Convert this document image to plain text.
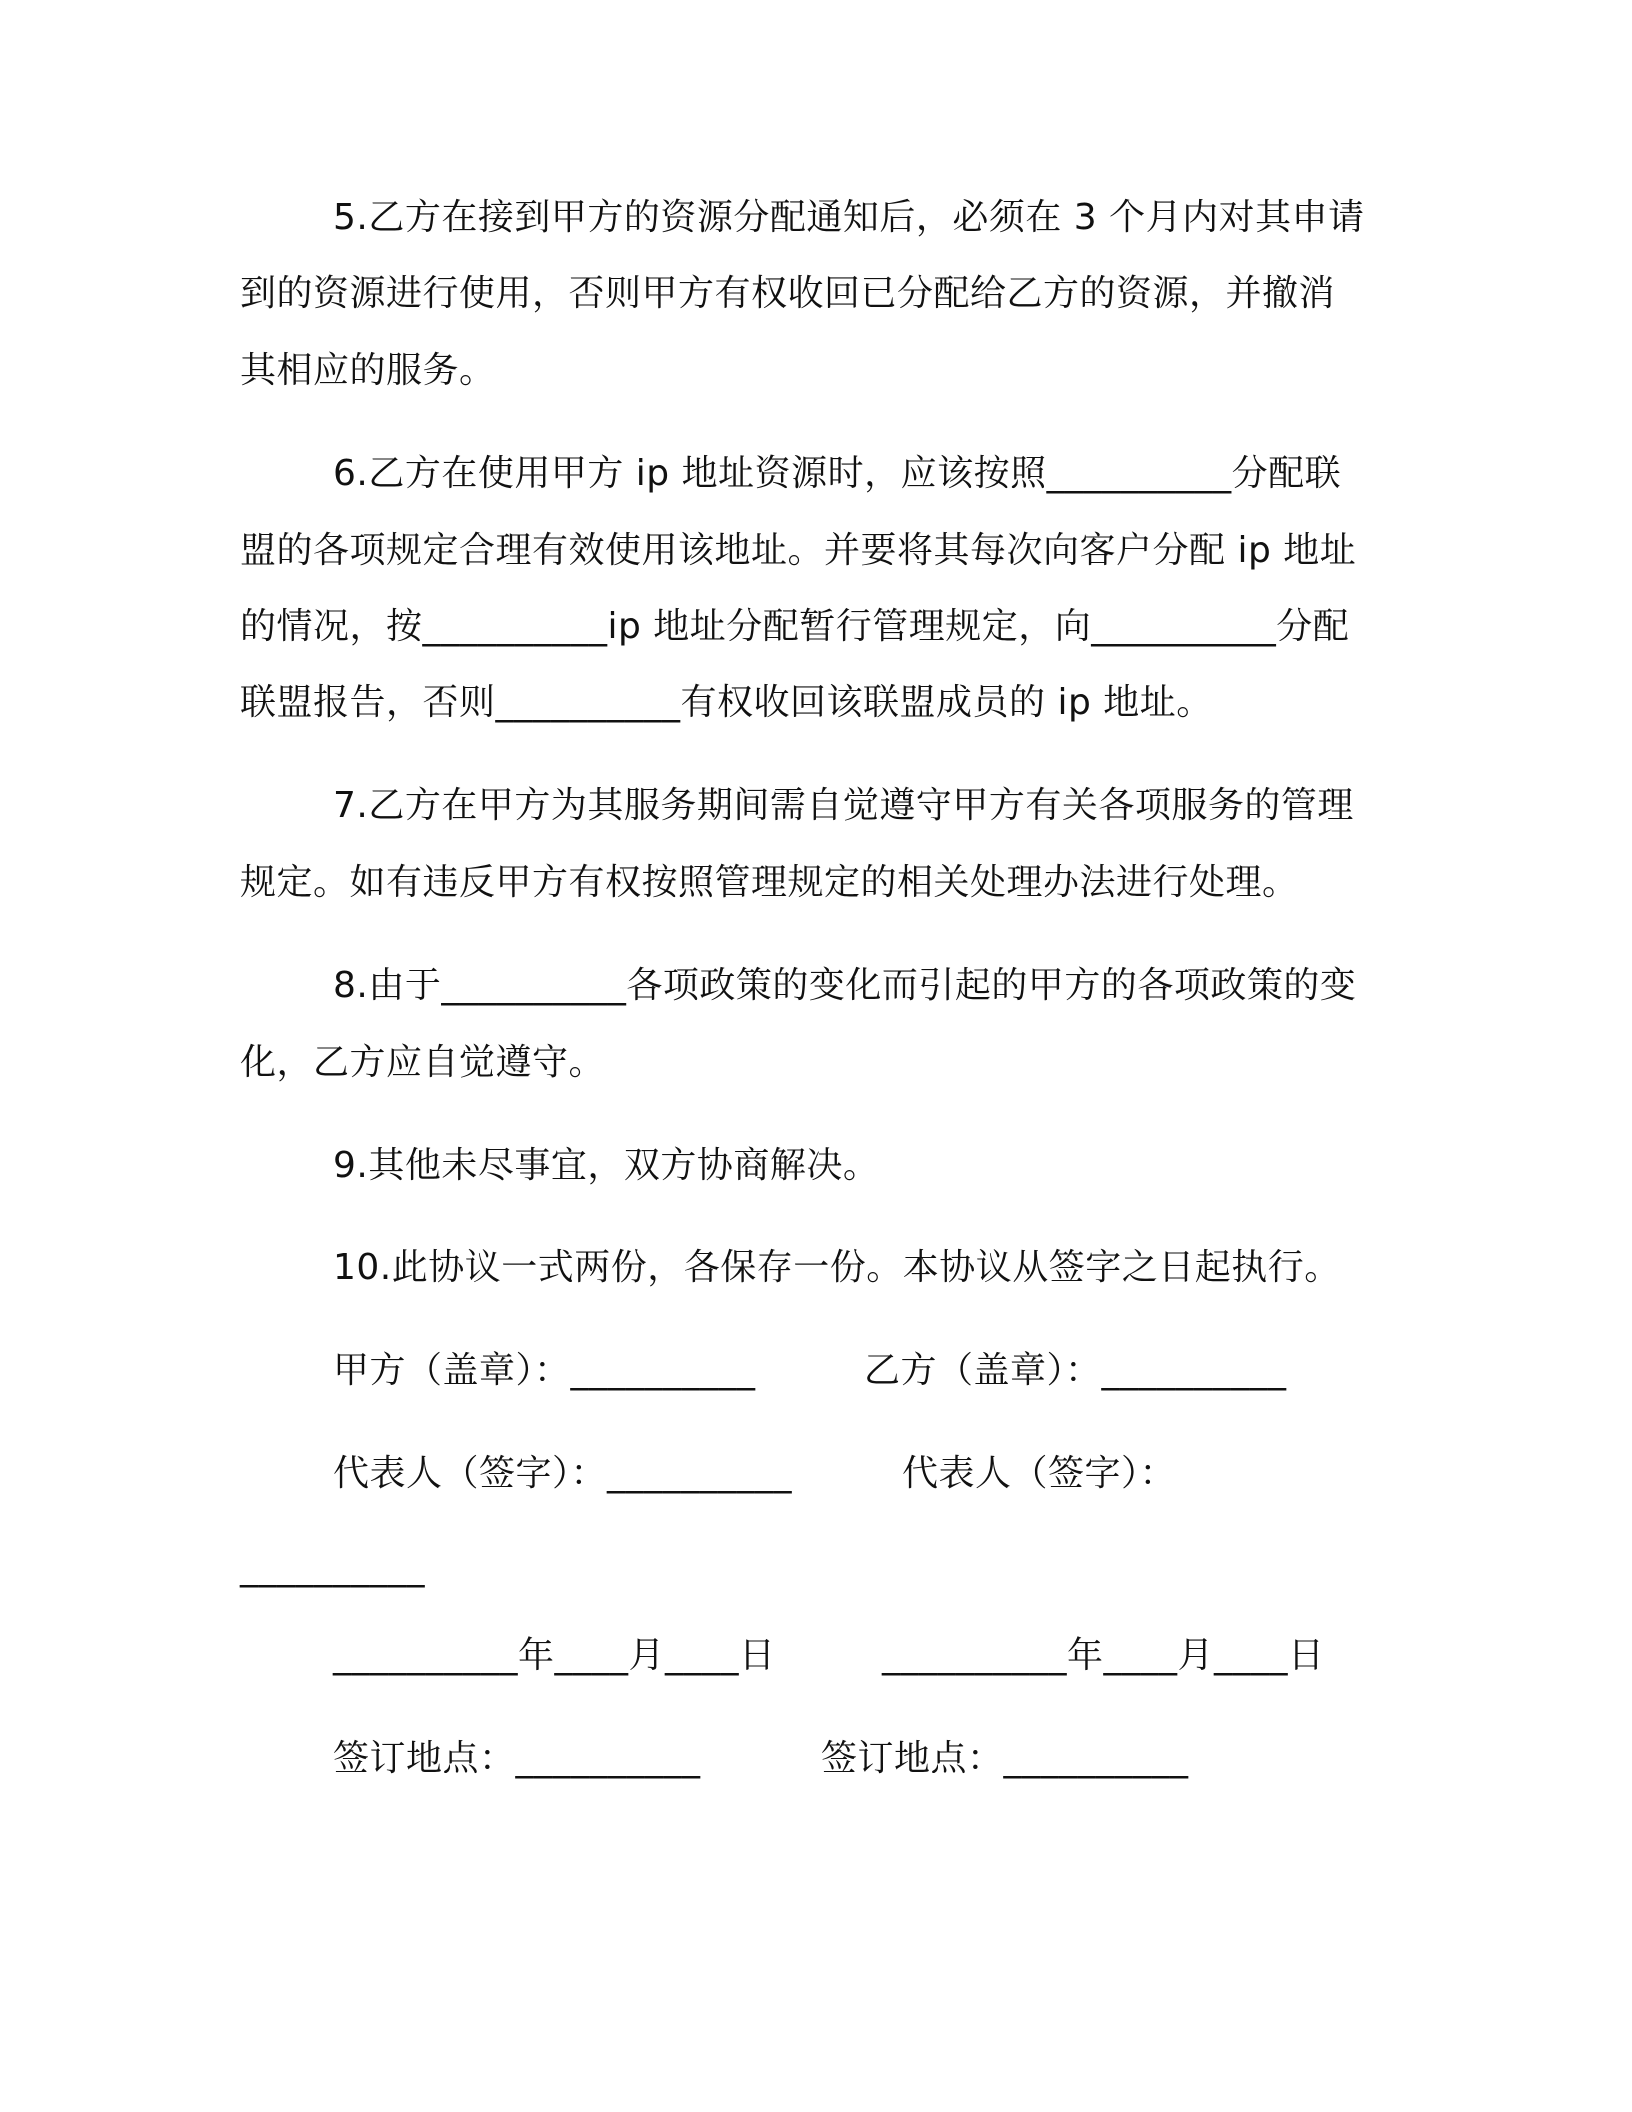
5.乙方在接到甲方的资源分配通知后，必须在 3 个月内对其申请
到的资源进行使用，否则甲方有权收回已分配给乙方的资源，并撤消
其相应的服务。
6.乙方在使用甲方 ip 地址资源时，应该按照__________分配联
盟的各项规定合理有效使用该地址。并要将其每次向客户分配 ip 地址
的情况，按__________ip 地址分配暂行管理规定，向__________分配
联盟报告，否则__________有权收回该联盟成员的 ip 地址。
7.乙方在甲方为其服务期间需自觉遵守甲方有关各项服务的管理
规定。如有违反甲方有权按照管理规定的相关处理办法进行处理。
8.由于__________各项政策的变化而引起的甲方的各项政策的变
化，乙方应自觉遵守。
9.其他未尽事宜，双方协商解决。
10.此协议一式两份，各保存一份。本协议从签字之日起执行。
甲方（盖章）：__________	乙方（盖章）：__________
代表人（签字）：__________	代表人（签字）：
__________
__________年____月____日	__________年____月____日
签订地点：__________	签订地点：__________
